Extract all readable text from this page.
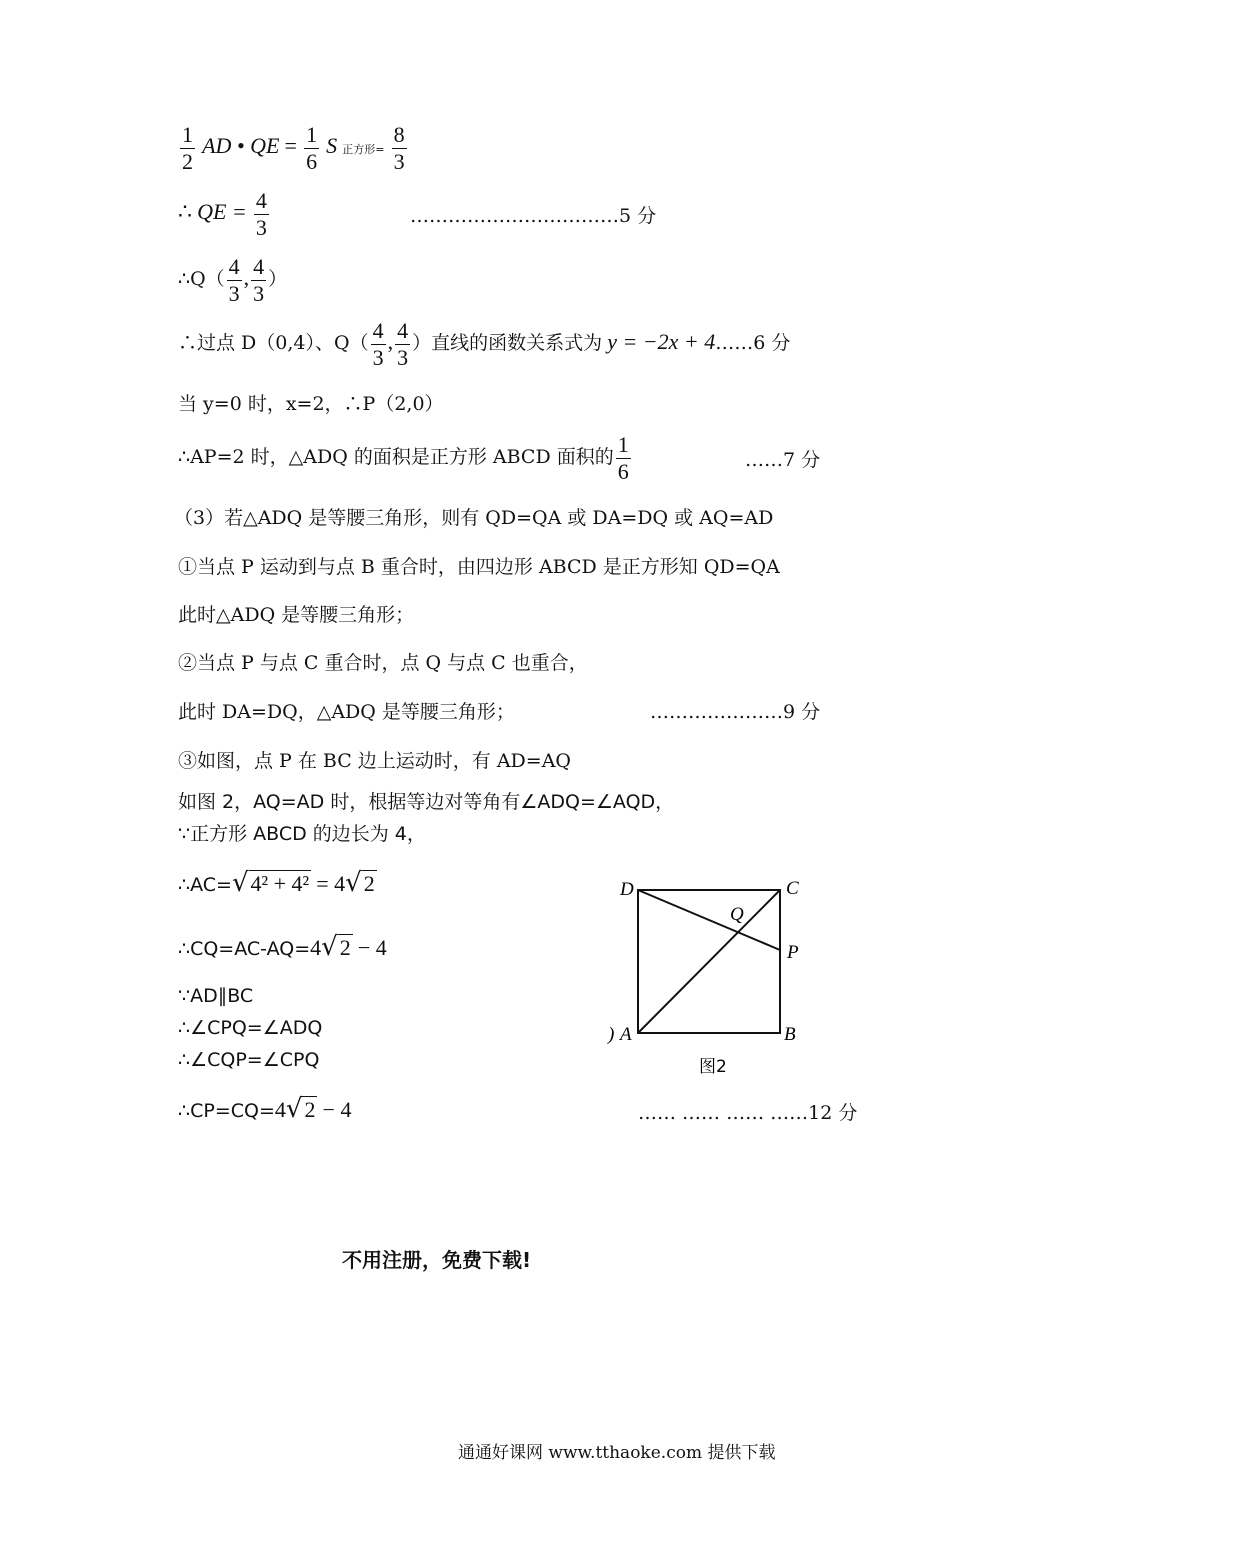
$\frac{1}{2}$ AD • QE = $\frac{1}{6}$ S 正方形= $\frac{8}{3}$
∴ QE = $\frac{4}{3}$	……………………………5 分
∴Q（ $\frac{4}{3}$ , $\frac{4}{3}$ ）
∴过点 D（0,4）、$Q( \frac{4}{3}$ , $\frac{4}{3}$ ）直线的函数关系式为 y = −2x + 4……6 分
当 y=0 时，x=2，∴P（2,0）
∴AP=2 时，△ADQ 的面积是正方形 ABCD 面积的 $\frac{1}{6}$	……7 分
（3）若△ADQ 是等腰三角形，则有 QD=QA 或 DA=DQ 或 AQ=AD
①当点 P 运动到与点 B 重合时，由四边形 ABCD 是正方形知 QD=QA
此时△ADQ 是等腰三角形；
②当点 P 与点 C 重合时，点 Q 与点 C 也重合，
此时 DA=DQ，△ADQ 是等腰三角形；	…………………9 分
③如图，点 P 在 BC 边上运动时，有 AD=AQ
如图 2，AQ=AD 时，根据等边对等角有∠ADQ=∠AQD，
∵正方形 ABCD 的边长为 4，
∴AC=√4² + 4² = 4√2
∴CQ=AC-AQ=4√2 − 4
∵AD∥BC
∴∠CPQ=∠ADQ
∴∠CQP=∠CPQ
∴CP=CQ=4√2 − 4	…… …… …… ……12 分
D	C
Q
P
) A	B
图2
不用注册，免费下载!
通通好课网 www.tthaoke.com 提供下载
